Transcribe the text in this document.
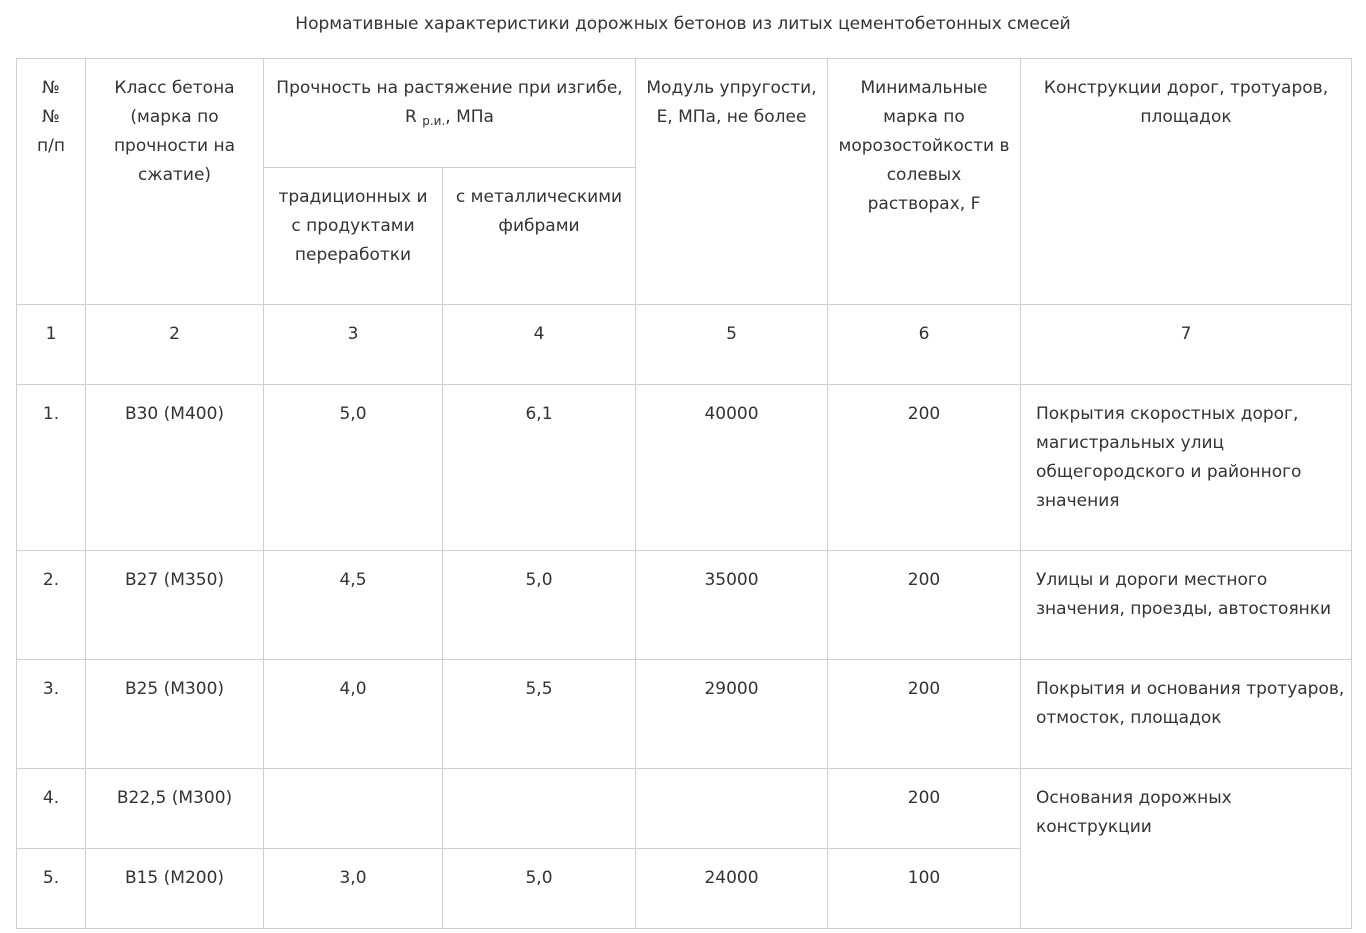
Нормативные характеристики дорожных бетонов из литых цементобетонных смесей
№
№
п/п	Класс бетона (марка по прочности на сжатие)	Прочность на растяжение при изгибе,
R $_{р.и.}$, МПа		Модуль упругости, Е, МПа, не более	Минимальные марка по морозостойкости в солевых растворах, F	Конструкции дорог, тротуаров, площадок
		традиционных и с продуктами переработки	с металлическими фибрами			
1	2	3	4	5	6	7
1.	В30 (М400)	5,0	6,1	40000	200	Покрытия скоростных дорог, магистральных улиц общегородского и районного значения
2.	В27 (М350)	4,5	5,0	35000	200	Улицы и дороги местного значения, проезды, автостоянки
3.	В25 (М300)	4,0	5,5	29000	200	Покрытия и основания тротуаров, отмосток, площадок
4.	В22,5 (М300)				200	Основания дорожных конструкции
5.	В15 (М200)	3,0	5,0	24000	100	
